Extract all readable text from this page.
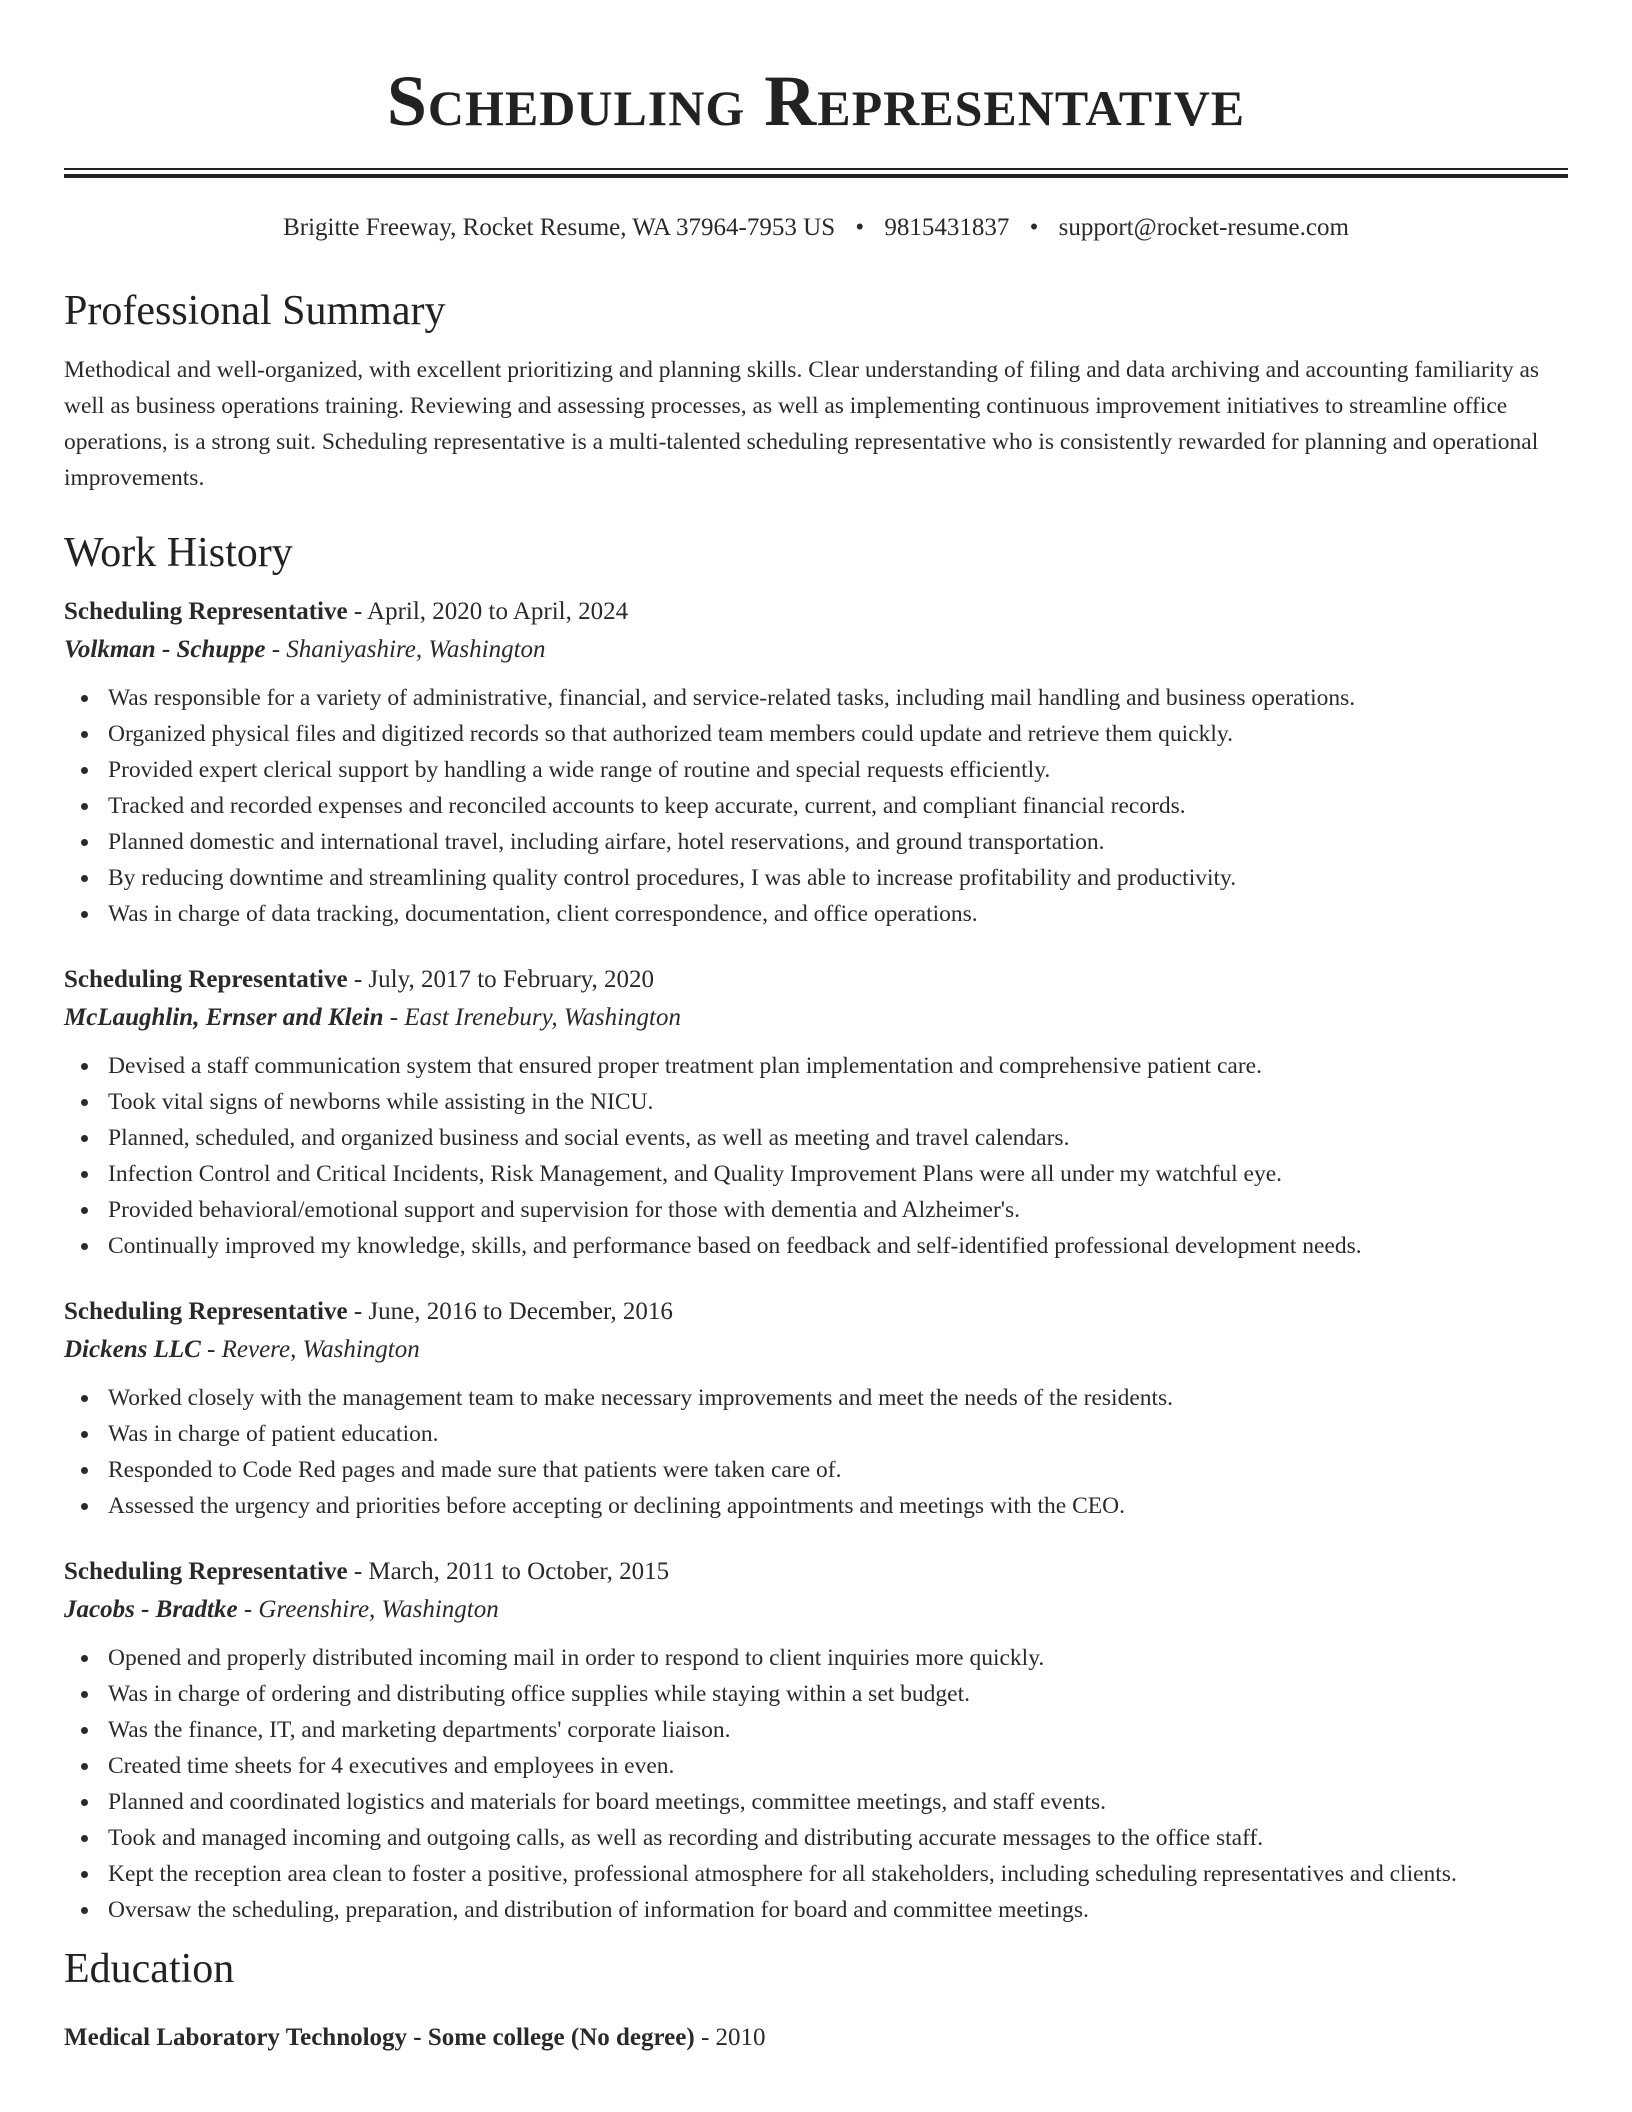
Scheduling Representative
Brigitte Freeway, Rocket Resume, WA 37964-7953 US • 9815431837 • support@rocket-resume.com
Professional Summary
Methodical and well-organized, with excellent prioritizing and planning skills. Clear understanding of filing and data archiving and accounting familiarity as well as business operations training. Reviewing and assessing processes, as well as implementing continuous improvement initiatives to streamline office operations, is a strong suit. Scheduling representative is a multi-talented scheduling representative who is consistently rewarded for planning and operational improvements.
Work History
Scheduling Representative - April, 2020 to April, 2024
Volkman - Schuppe - Shaniyashire, Washington
Was responsible for a variety of administrative, financial, and service-related tasks, including mail handling and business operations.
Organized physical files and digitized records so that authorized team members could update and retrieve them quickly.
Provided expert clerical support by handling a wide range of routine and special requests efficiently.
Tracked and recorded expenses and reconciled accounts to keep accurate, current, and compliant financial records.
Planned domestic and international travel, including airfare, hotel reservations, and ground transportation.
By reducing downtime and streamlining quality control procedures, I was able to increase profitability and productivity.
Was in charge of data tracking, documentation, client correspondence, and office operations.
Scheduling Representative - July, 2017 to February, 2020
McLaughlin, Ernser and Klein - East Irenebury, Washington
Devised a staff communication system that ensured proper treatment plan implementation and comprehensive patient care.
Took vital signs of newborns while assisting in the NICU.
Planned, scheduled, and organized business and social events, as well as meeting and travel calendars.
Infection Control and Critical Incidents, Risk Management, and Quality Improvement Plans were all under my watchful eye.
Provided behavioral/emotional support and supervision for those with dementia and Alzheimer's.
Continually improved my knowledge, skills, and performance based on feedback and self-identified professional development needs.
Scheduling Representative - June, 2016 to December, 2016
Dickens LLC - Revere, Washington
Worked closely with the management team to make necessary improvements and meet the needs of the residents.
Was in charge of patient education.
Responded to Code Red pages and made sure that patients were taken care of.
Assessed the urgency and priorities before accepting or declining appointments and meetings with the CEO.
Scheduling Representative - March, 2011 to October, 2015
Jacobs - Bradtke - Greenshire, Washington
Opened and properly distributed incoming mail in order to respond to client inquiries more quickly.
Was in charge of ordering and distributing office supplies while staying within a set budget.
Was the finance, IT, and marketing departments' corporate liaison.
Created time sheets for 4 executives and employees in even.
Planned and coordinated logistics and materials for board meetings, committee meetings, and staff events.
Took and managed incoming and outgoing calls, as well as recording and distributing accurate messages to the office staff.
Kept the reception area clean to foster a positive, professional atmosphere for all stakeholders, including scheduling representatives and clients.
Oversaw the scheduling, preparation, and distribution of information for board and committee meetings.
Education
Medical Laboratory Technology - Some college (No degree) - 2010
